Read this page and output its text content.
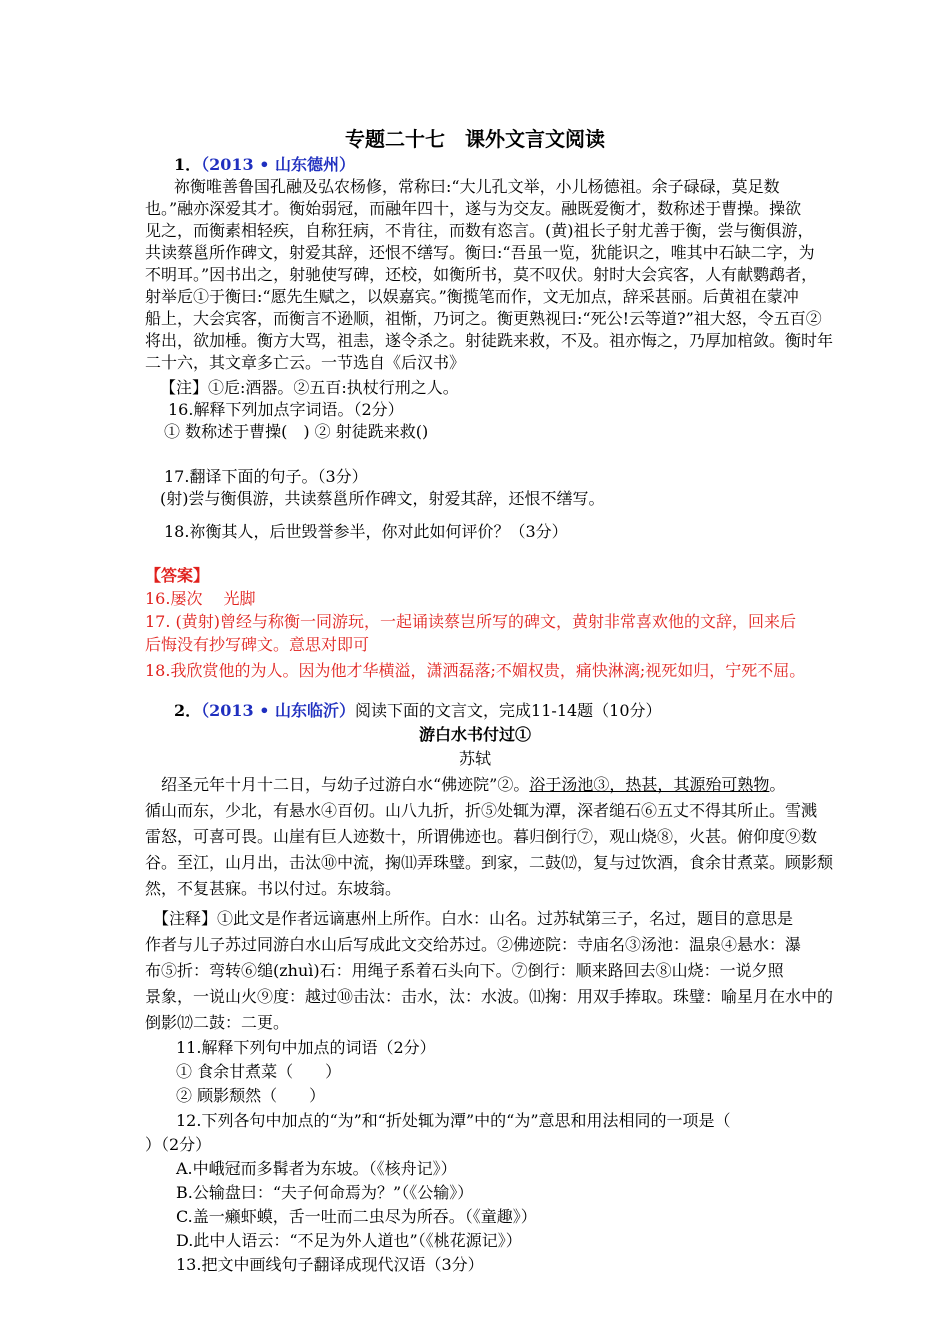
专题二十七　课外文言文阅读
1．（2013 • 山东德州）
祢衡唯善鲁国孔融及弘农杨修，常称曰:“大儿孔文举，小儿杨德祖。余子碌碌，莫足数
也。”融亦深爱其才。衡始弱冠，而融年四十，遂与为交友。融既爱衡才，数称述于曹操。操欲
见之，而衡素相轻疾，自称狂病，不肯往，而数有恣言。(黄)祖长子射尤善于衡，尝与衡俱游，
共读蔡邕所作碑文，射爱其辞，还恨不缮写。衡曰:“吾虽一览，犹能识之，唯其中石缺二字，为
不明耳。”因书出之，射驰使写碑，还校，如衡所书，莫不叹伏。射时大会宾客，人有献鹦鹉者，
射举卮①于衡曰:“愿先生赋之，以娱嘉宾。”衡揽笔而作，文无加点，辞采甚丽。后黄祖在蒙冲
船上，大会宾客，而衡言不逊顺，祖惭，乃诃之。衡更熟视曰:“死公!云等道?”祖大怒，令五百②
将出，欲加棰。衡方大骂，祖恚，遂令杀之。射徒跣来救，不及。祖亦悔之，乃厚加棺敛。衡时年
二十六，其文章多亡云。一节选自《后汉书》
【注】①卮:酒器。②五百:执杖行刑之人。
16.解释下列加点字词语。（2分）
① 数称述于曹操(　) ② 射徒跣来救()
17.翻译下面的句子。（3分）
(射)尝与衡俱游，共读蔡邕所作碑文，射爱其辞，还恨不缮写。
18.祢衡其人，后世毁誉参半，你对此如何评价？（3分）
【答案】
16.屡次　 光脚
17. (黄射)曾经与称衡一同游玩，一起诵读蔡岂所写的碑文，黄射非常喜欢他的文辞，回来后
后悔没有抄写碑文。意思对即可
18.我欣赏他的为人。因为他才华横溢，潇洒磊落;不媚权贵，痛快淋漓;视死如归，宁死不屈。
2．（2013 • 山东临沂）阅读下面的文言文，完成11-14题（10分）
游白水书付过①
苏轼
　绍圣元年十月十二日，与幼子过游白水“佛迹院”②。浴于汤池③，热甚，其源殆可熟物。
循山而东，少北，有悬水④百仞。山八九折，折⑤处辄为潭，深者缒石⑥五丈不得其所止。雪溅
雷怒，可喜可畏。山崖有巨人迹数十，所谓佛迹也。暮归倒行⑦，观山烧⑧，火甚。俯仰度⑨数
谷。至江，山月出，击汰⑩中流，掬⑾弄珠璧。到家，二鼓⑿，复与过饮酒，食余甘煮菜。顾影颓
然，不复甚寐。书以付过。东坡翁。
　【注释】①此文是作者远谪惠州上所作。白水：山名。过苏轼第三子，名过，题目的意思是
作者与儿子苏过同游白水山后写成此文交给苏过。②佛迹院：寺庙名③汤池：温泉④悬水：瀑
布⑤折：弯转⑥缒(zhuì)石：用绳子系着石头向下。⑦倒行：顺来路回去⑧山烧：一说夕照
景象，一说山火⑨度：越过⑩击汰：击水，汰：水波。⑾掬：用双手捧取。珠璧：喻星月在水中的
倒影⑿二鼓：二更。
11.解释下列句中加点的词语（2分）
① 食余甘煮菜（　　）
② 顾影颓然（　　）
12.下列各句中加点的“为”和“折处辄为潭”中的“为”意思和用法相同的一项是（
）（2分）
A.中峨冠而多髯者为东坡。（《核舟记》）
B.公输盘曰：“夫子何命焉为？”（《公输》）
C.盖一癞虾蟆，舌一吐而二虫尽为所吞。（《童趣》）
D.此中人语云：“不足为外人道也”（《桃花源记》）
13.把文中画线句子翻译成现代汉语（3分）
